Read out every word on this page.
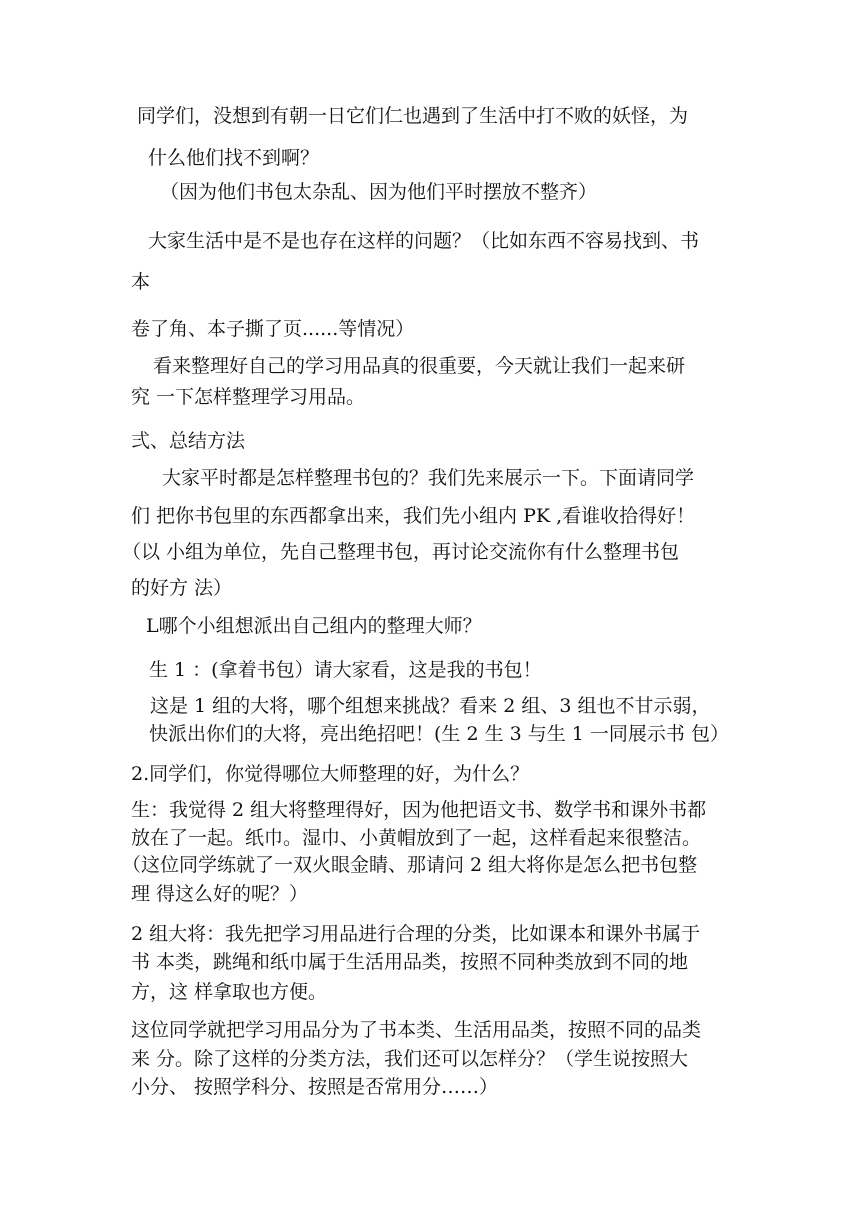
同学们，没想到有朝一日它们仁也遇到了生活中打不败的妖怪，为
什么他们找不到啊？
（因为他们书包太杂乱、因为他们平时摆放不整齐）
大家生活中是不是也存在这样的问题？（比如东西不容易找到、书
本
卷了角、本子撕了页......等情况）
看来整理好自己的学习用品真的很重要，今天就让我们一起来研
究 一下怎样整理学习用品。
弍、总结方法
大家平时都是怎样整理书包的？我们先来展示一下。下面请同学
们 把你书包里的东西都拿出来，我们先小组内 PK ,看谁收拾得好！
（以 小组为单位，先自己整理书包，再讨论交流你有什么整理书包
的好方 法）
L哪个小组想派出自己组内的整理大师？
生 1 ：(拿着书包）请大家看，这是我的书包！
这是 1 组的大将，哪个组想来挑战？看来 2 组、3 组也不甘示弱，
快派出你们的大将，亮出绝招吧！(生 2 生 3 与生 1 一同展示书 包）
2.同学们，你觉得哪位大师整理的好，为什么？
生：我觉得 2 组大将整理得好，因为他把语文书、数学书和课外书都
放在了一起。纸巾。湿巾、小黄帽放到了一起，这样看起来很整洁。
（这位同学练就了一双火眼金睛、那请问 2 组大将你是怎么把书包整
理 得这么好的呢？）
2 组大将：我先把学习用品进行合理的分类，比如课本和课外书属于
书 本类，跳绳和纸巾属于生活用品类，按照不同种类放到不同的地
方，这 样拿取也方便。
这位同学就把学习用品分为了书本类、生活用品类，按照不同的品类
来 分。除了这样的分类方法，我们还可以怎样分？（学生说按照大
小分、 按照学科分、按照是否常用分……）
